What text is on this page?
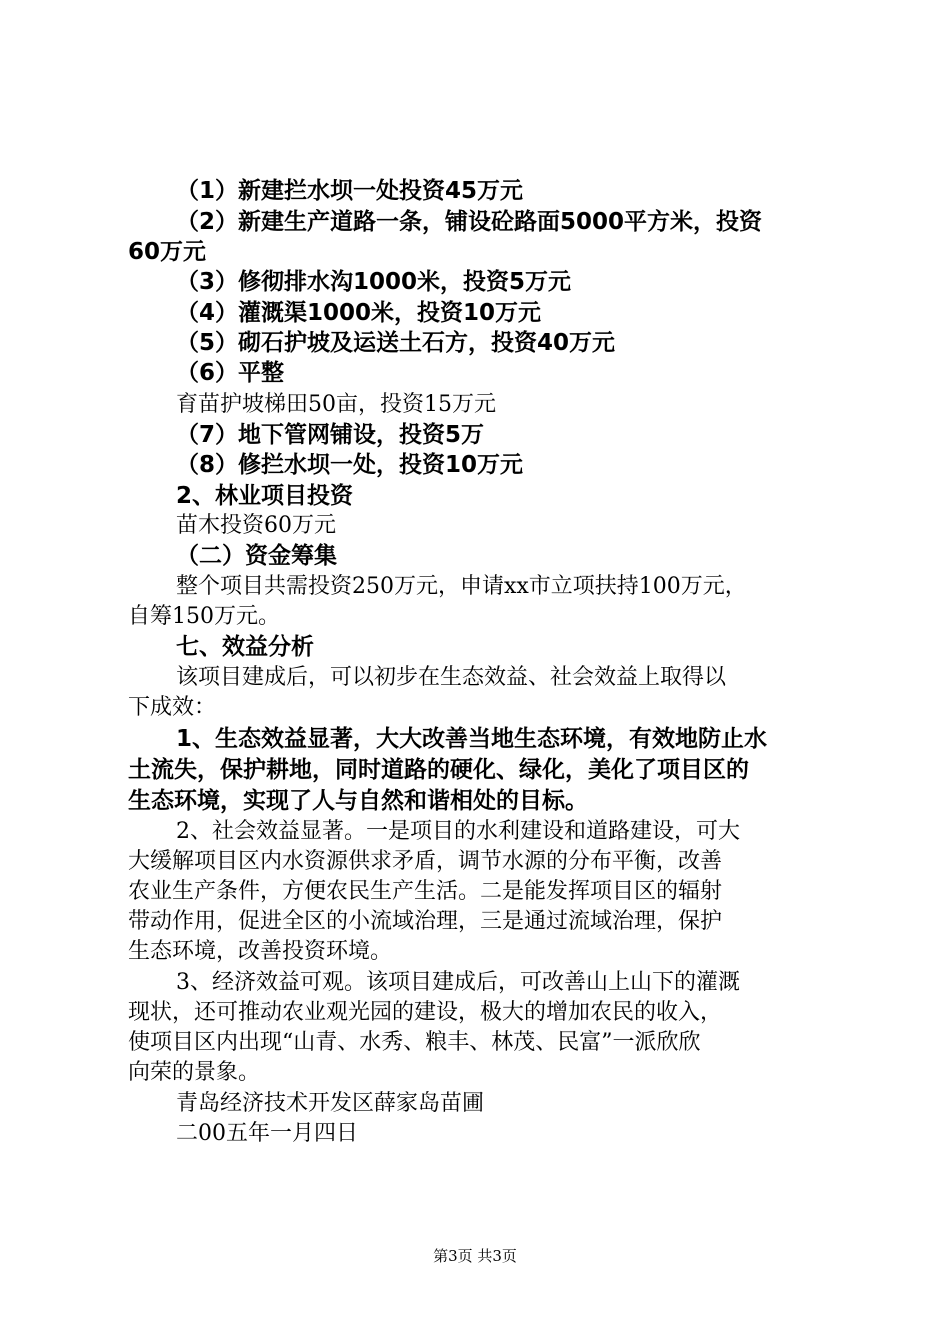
（1）新建拦水坝一处投资45万元
（2）新建生产道路一条，铺设砼路面5000平方米，投资
60万元
（3）修彻排水沟1000米，投资5万元
（4）灌溉渠1000米，投资10万元
（5）砌石护坡及运送土石方，投资40万元
（6）平整
育苗护坡梯田50亩，投资15万元
（7）地下管网铺设，投资5万
（8）修拦水坝一处，投资10万元
2、林业项目投资
苗木投资60万元
（二）资金筹集
整个项目共需投资250万元，申请xx市立项扶持100万元，
自筹150万元。
七、效益分析
该项目建成后，可以初步在生态效益、社会效益上取得以
下成效：
1、生态效益显著，大大改善当地生态环境，有效地防止水
土流失，保护耕地，同时道路的硬化、绿化，美化了项目区的
生态环境，实现了人与自然和谐相处的目标。
2、社会效益显著。一是项目的水利建设和道路建设，可大
大缓解项目区内水资源供求矛盾，调节水源的分布平衡，改善
农业生产条件，方便农民生产生活。二是能发挥项目区的辐射
带动作用，促进全区的小流域治理，三是通过流域治理，保护
生态环境，改善投资环境。
3、经济效益可观。该项目建成后，可改善山上山下的灌溉
现状，还可推动农业观光园的建设，极大的增加农民的收入，
使项目区内出现“山青、水秀、粮丰、林茂、民富”一派欣欣
向荣的景象。
青岛经济技术开发区薛家岛苗圃
二00五年一月四日
第3页 共3页
